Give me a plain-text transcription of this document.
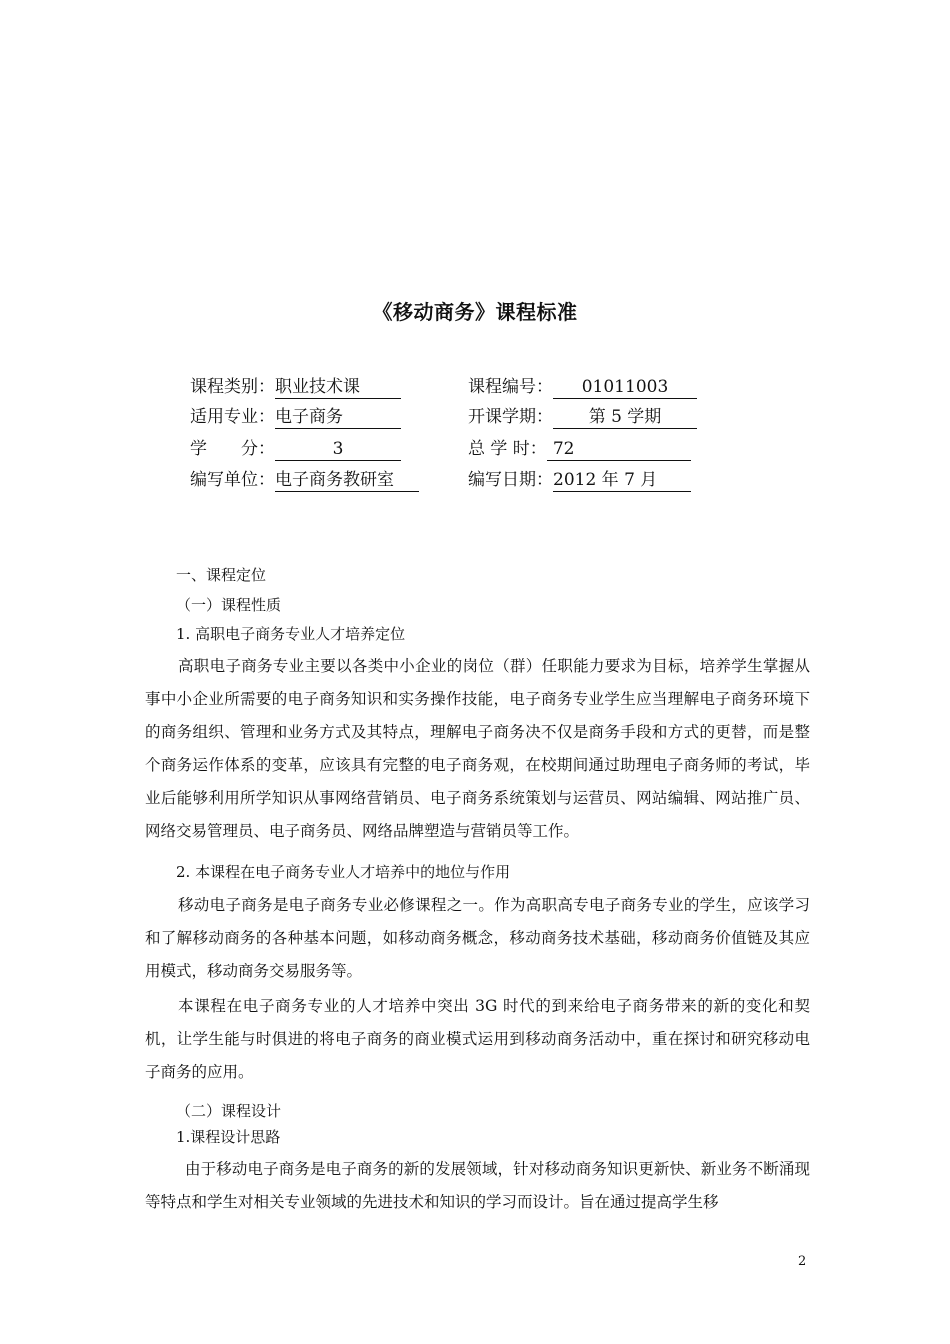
《移动商务》课程标准
课程类别：职业技术课
适用专业：电子商务
学　　分：	3
编写单位：电子商务教研室
课程编号： 01011003
开课学期： 第 5 学期
总 学 时： 72
编写日期：2012 年 7 月
一、课程定位
（一）课程性质
1. 高职电子商务专业人才培养定位
高职电子商务专业主要以各类中小企业的岗位（群）任职能力要求为目标，培养学生掌握从事中小企业所需要的电子商务知识和实务操作技能，电子商务专业学生应当理解电子商务环境下的商务组织、管理和业务方式及其特点，理解电子商务决不仅是商务手段和方式的更替，而是整个商务运作体系的变革，应该具有完整的电子商务观，在校期间通过助理电子商务师的考试，毕业后能够利用所学知识从事网络营销员、电子商务系统策划与运营员、网站编辑、网站推广员、网络交易管理员、电子商务员、网络品牌塑造与营销员等工作。
2. 本课程在电子商务专业人才培养中的地位与作用
移动电子商务是电子商务专业必修课程之一。作为高职高专电子商务专业的学生，应该学习和了解移动商务的各种基本问题，如移动商务概念，移动商务技术基础，移动商务价值链及其应用模式，移动商务交易服务等。
本课程在电子商务专业的人才培养中突出 3G 时代的到来给电子商务带来的新的变化和契机，让学生能与时俱进的将电子商务的商业模式运用到移动商务活动中，重在探讨和研究移动电子商务的应用。
（二）课程设计
1.课程设计思路
由于移动电子商务是电子商务的新的发展领域，针对移动商务知识更新快、新业务不断涌现等特点和学生对相关专业领域的先进技术和知识的学习而设计。旨在通过提高学生移
2
